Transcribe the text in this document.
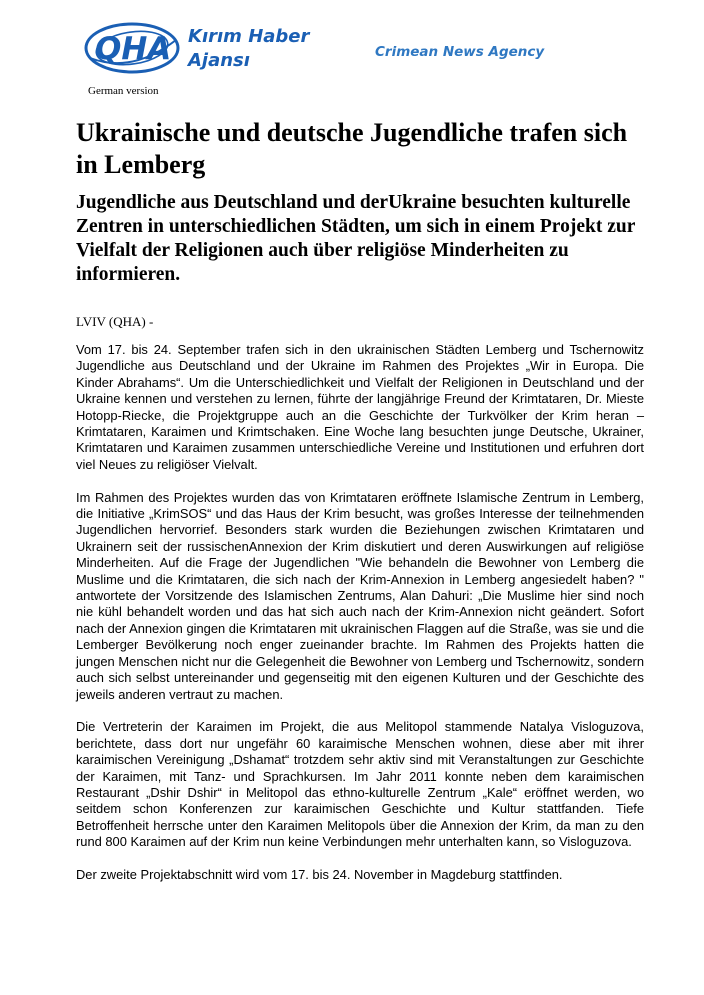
QHA Kırım Haber
Ajansı	Crimean News Agency
German version
Ukrainische und deutsche Jugendliche trafen sich in Lemberg
Jugendliche aus Deutschland und derUkraine besuchten kulturelle Zentren in unterschiedlichen Städten, um sich in einem Projekt zur Vielfalt der Religionen auch über religiöse Minderheiten zu informieren.
LVIV (QHA) -

Vom 17. bis 24. September trafen sich in den ukrainischen Städten Lemberg und Tschernowitz Jugendliche aus Deutschland und der Ukraine im Rahmen des Projektes „Wir in Europa. Die Kinder Abrahams“. Um die Unterschiedlichkeit und Vielfalt der Religionen in Deutschland und der Ukraine kennen und verstehen zu lernen, führte der langjährige Freund der Krimtataren, Dr. Mieste Hotopp-Riecke, die Projektgruppe auch an die Geschichte der Turkvölker der Krim heran – Krimtataren, Karaimen und Krimtschaken. Eine Woche lang besuchten junge Deutsche, Ukrainer, Krimtataren und Karaimen zusammen unterschiedliche Vereine und Institutionen und erfuhren dort viel Neues zu religiöser Vielvalt.

Im Rahmen des Projektes wurden das von Krimtataren eröffnete Islamische Zentrum in Lemberg, die Initiative „KrimSOS“ und das Haus der Krim besucht, was großes Interesse der teilnehmenden Jugendlichen hervorrief. Besonders stark wurden die Beziehungen zwischen Krimtataren und Ukrainern seit der russischenAnnexion der Krim diskutiert und deren Auswirkungen auf religiöse Minderheiten. Auf die Frage der Jugendlichen "Wie behandeln die Bewohner von Lemberg die Muslime und die Krimtataren, die sich nach der Krim-Annexion in Lemberg angesiedelt haben? " antwortete der Vorsitzende des Islamischen Zentrums, Alan Dahuri: „Die Muslime hier sind noch nie kühl behandelt worden und das hat sich auch nach der Krim-Annexion nicht geändert. Sofort nach der Annexion gingen die Krimtataren mit ukrainischen Flaggen auf die Straße, was sie und die Lemberger Bevölkerung noch enger zueinander brachte. Im Rahmen des Projekts hatten die jungen Menschen nicht nur die Gelegenheit die Bewohner von Lemberg und Tschernowitz, sondern auch sich selbst untereinander und gegenseitig mit den eigenen Kulturen und der Geschichte des jeweils anderen vertraut zu machen.

Die Vertreterin der Karaimen im Projekt, die aus Melitopol stammende Natalya Visloguzova, berichtete, dass dort nur ungefähr 60 karaimische Menschen wohnen, diese aber mit ihrer karaimischen Vereinigung „Dshamat“ trotzdem sehr aktiv sind mit Veranstaltungen zur Geschichte der Karaimen, mit Tanz- und Sprachkursen. Im Jahr 2011 konnte neben dem karaimischen Restaurant „Dshir Dshir“ in Melitopol das ethno-kulturelle Zentrum „Kale“ eröffnet werden, wo seitdem schon Konferenzen zur karaimischen Geschichte und Kultur stattfanden. Tiefe Betroffenheit herrsche unter den Karaimen Melitopols über die Annexion der Krim, da man zu den rund 800 Karaimen auf der Krim nun keine Verbindungen mehr unterhalten kann, so Visloguzova.

Der zweite Projektabschnitt wird vom 17. bis 24. November in Magdeburg stattfinden.
